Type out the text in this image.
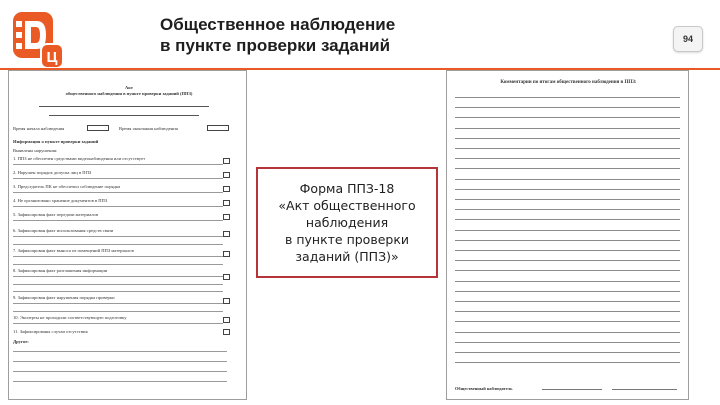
Ц
Общественное наблюдение
в пункте проверки заданий	94
Акт
общественного наблюдения в пункте проверки заданий (ППЗ)
Время начала наблюдения	Время окончания наблюдения
Информация о пункте проверки заданий
Выявлены нарушения:
1. ППЗ не обеспечен средствами видеонаблюдения или отсутствует
2. Нарушен порядок допуска лиц в ППЗ
3. Председатель ПК не обеспечил соблюдение порядка
4. Не организовано хранение документов в ППЗ
5. Зафиксирован факт передачи материалов
6. Зафиксирован факт использования средств связи
7. Зафиксирован факт выноса из помещений ППЗ материалов
8. Зафиксирован факт разглашения информации
9. Зафиксирован факт нарушения порядка проверки
10. Эксперты не проходили соответствующую подготовку
11. Зафиксированы случаи отсутствия
Другое:
Форма ППЗ-18
«Акт общественного
наблюдения
в пункте проверки
заданий (ППЗ)»
Комментарии по итогам общественного наблюдения в ППЗ:
Общественный наблюдатель
